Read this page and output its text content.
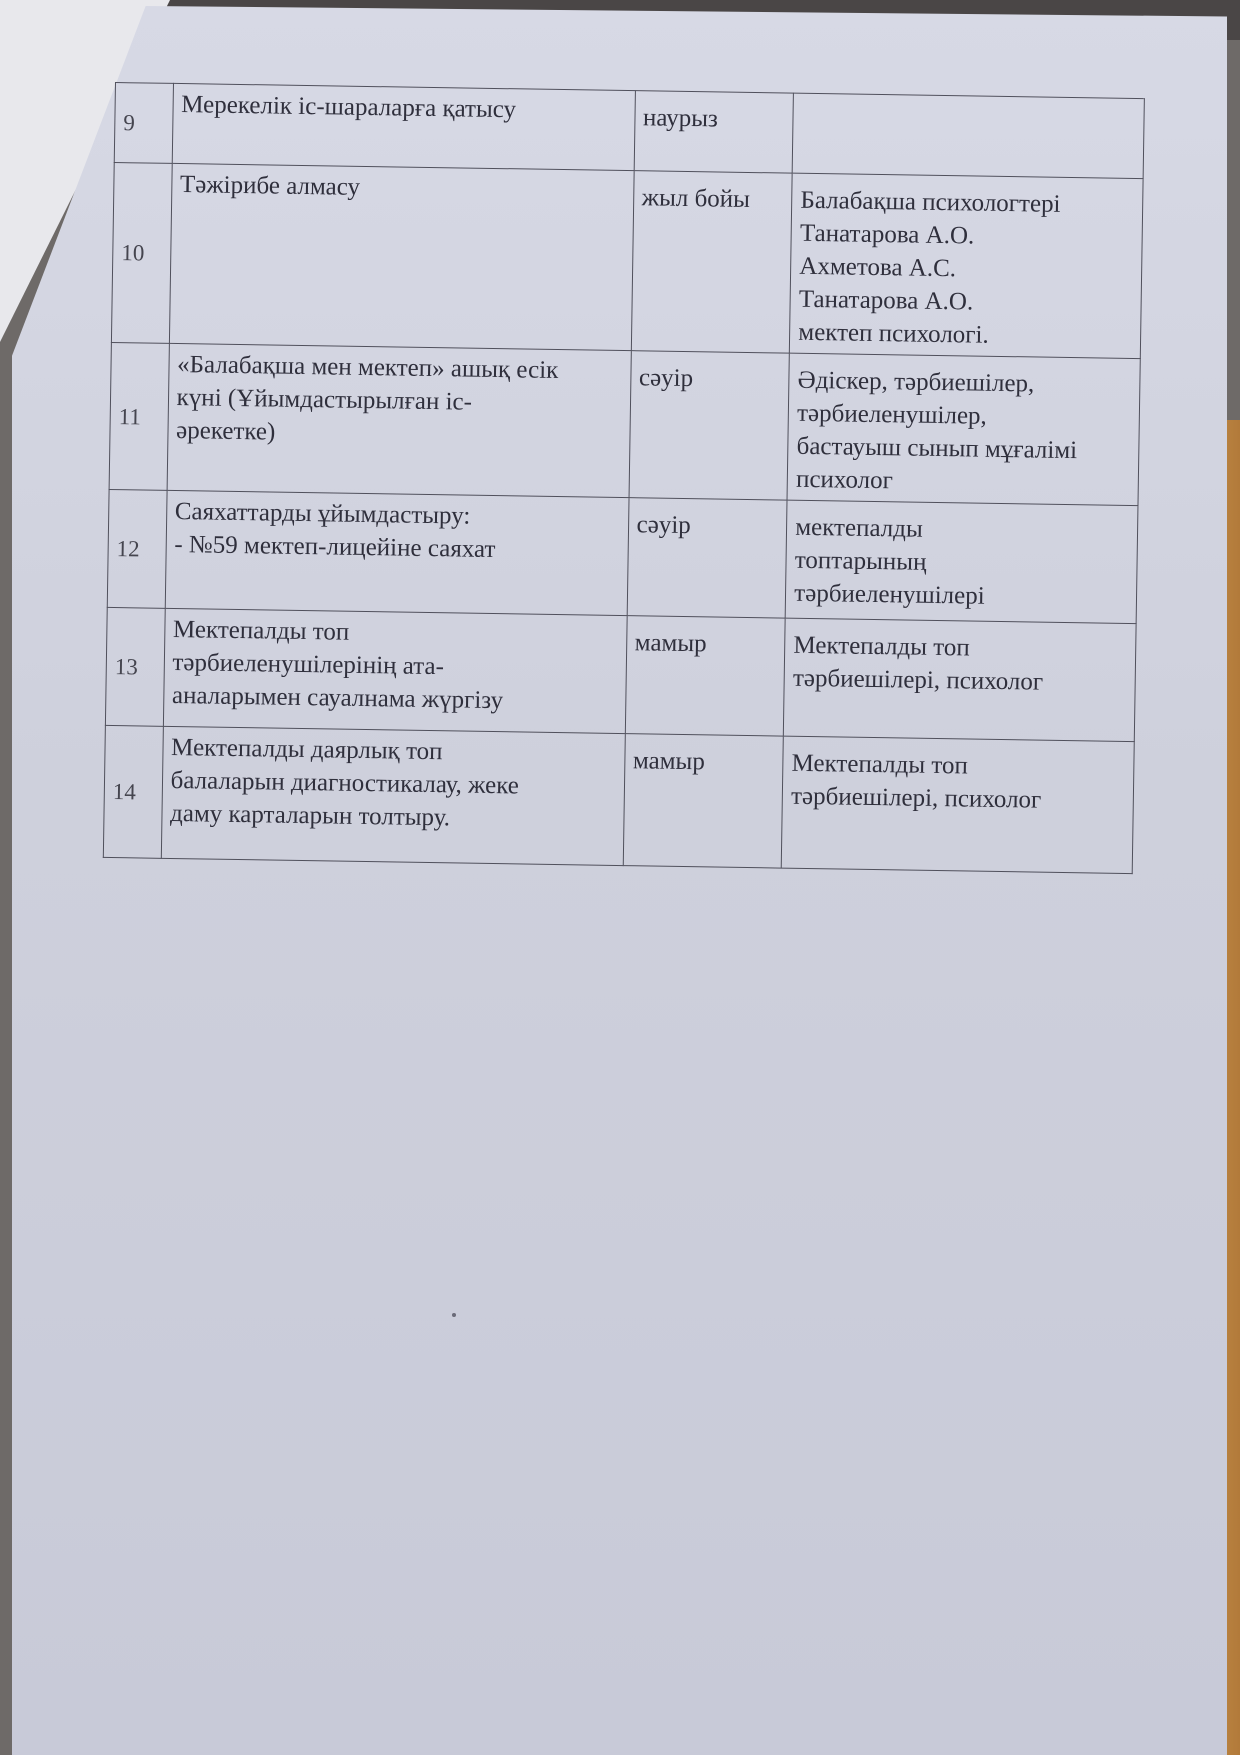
9	Мерекелік іс-шараларға қатысу	наурыз	
10	Тәжірибе алмасу	жыл бойы	Балабақша психологтері
Танатарова А.О.
Ахметова А.С.
Танатарова А.О.
мектеп психологі.

11	«Балабақша мен мектеп» ашық есік
күні (Ұйымдастырылған іс-
әрекетке)	сәуір	Әдіскер, тәрбиешілер,
тәрбиеленушілер,
бастауыш сынып мұғалімі
психолог

12	Саяхаттарды ұйымдастыру:
- №59 мектеп-лицейіне саяхат	сәуір	мектепалды
топтарының
тәрбиеленушілері

13	Мектепалды топ
тәрбиеленушілерінің ата-
аналарымен сауалнама жүргізу	мамыр	Мектепалды топ
тәрбиешілері, психолог

14	Мектепалды даярлық топ
балаларын диагностикалау, жеке
даму карталарын толтыру.	мамыр	Мектепалды топ
тәрбиешілері, психолог
